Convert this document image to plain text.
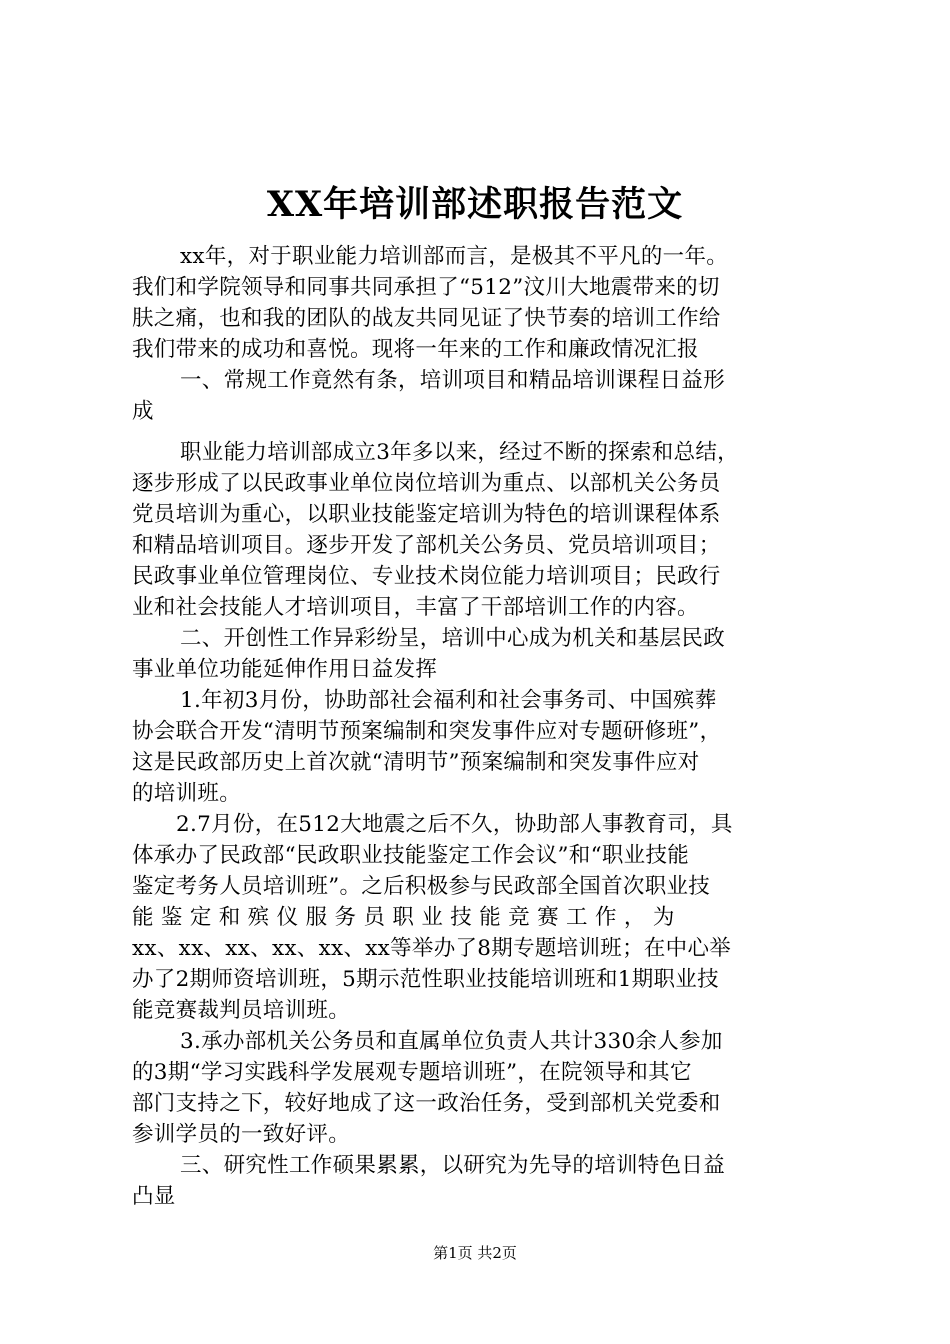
XX年培训部述职报告范文
xx年，对于职业能力培训部而言，是极其不平凡的一年。
我们和学院领导和同事共同承担了“512”汶川大地震带来的切
肤之痛，也和我的团队的战友共同见证了快节奏的培训工作给
我们带来的成功和喜悦。现将一年来的工作和廉政情况汇报
一、常规工作竟然有条，培训项目和精品培训课程日益形
成
职业能力培训部成立3年多以来，经过不断的探索和总结，
逐步形成了以民政事业单位岗位培训为重点、以部机关公务员
党员培训为重心，以职业技能鉴定培训为特色的培训课程体系
和精品培训项目。逐步开发了部机关公务员、党员培训项目；
民政事业单位管理岗位、专业技术岗位能力培训项目；民政行
业和社会技能人才培训项目，丰富了干部培训工作的内容。
二、开创性工作异彩纷呈，培训中心成为机关和基层民政
事业单位功能延伸作用日益发挥
1.年初3月份，协助部社会福利和社会事务司、中国殡葬
协会联合开发“清明节预案编制和突发事件应对专题研修班”，
这是民政部历史上首次就“清明节”预案编制和突发事件应对
的培训班。
2.7月份，在512大地震之后不久，协助部人事教育司，具
体承办了民政部“民政职业技能鉴定工作会议”和“职业技能
鉴定考务人员培训班”。之后积极参与民政部全国首次职业技
能 鉴 定 和 殡 仪 服 务 员 职 业 技 能 竞 赛 工 作 ， 为
xx、xx、xx、xx、xx、xx等举办了8期专题培训班；在中心举
办了2期师资培训班，5期示范性职业技能培训班和1期职业技
能竞赛裁判员培训班。
3.承办部机关公务员和直属单位负责人共计330余人参加
的3期“学习实践科学发展观专题培训班”，在院领导和其它
部门支持之下，较好地成了这一政治任务，受到部机关党委和
参训学员的一致好评。
三、研究性工作硕果累累，以研究为先导的培训特色日益
凸显
第1页 共2页
